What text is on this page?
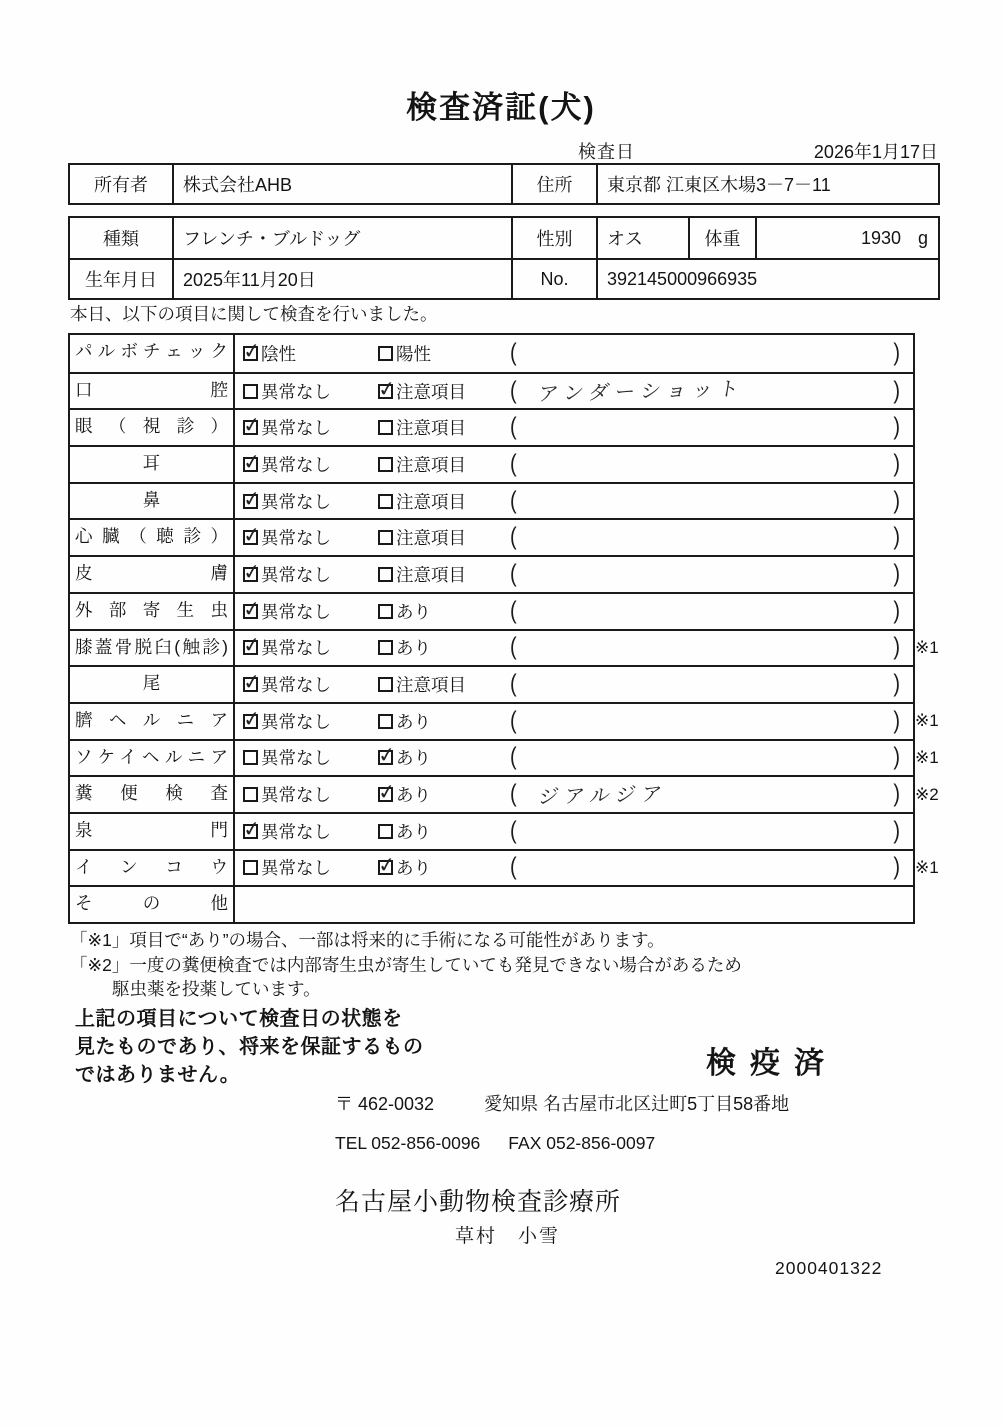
検査済証(犬)
検査日	2026年1月17日
所有者	株式会社AHB	住所	東京都 江東区木場3－7－11
種類	フレンチ・ブルドッグ	性別	オス	体重	1930 g
生年月日	2025年11月20日	No.	392145000966935
本日、以下の項目に関して検査を行いました。
パルボチェック ✓	陰性	陽性	(	)
口腔	異常なし ✓	注意項目 ( アンダーショット	)
眼（視診） ✓	異常なし	注意項目 (	)
耳 ✓	異常なし	注意項目 (	)
鼻 ✓	異常なし	注意項目 (	)
心臓（聴診） ✓	異常なし	注意項目 (	)
皮膚 ✓	異常なし	注意項目 (	)
外部寄生虫 ✓	異常なし	あり	(	)
膝蓋骨脱臼(触診) ✓	異常なし	あり	(	) ※1
尾 ✓	異常なし	注意項目 (	)
臍ヘルニア ✓	異常なし	あり	(	) ※1
ソケイヘルニア	異常なし ✓	あり	(	) ※1
糞便検査	異常なし ✓	あり	( ジアルジア	) ※2
泉門 ✓	異常なし	あり	(	)
インコウ	異常なし ✓	あり	(	) ※1
その他
「※1」項目で“あり”の場合、一部は将来的に手術になる可能性があります。
「※2」一度の糞便検査では内部寄生虫が寄生していても発見できない場合があるため
駆虫薬を投薬しています。
上記の項目について検査日の状態を
見たものであり、将来を保証するもの
ではありません。	検疫済
〒 462-0032	愛知県 名古屋市北区辻町5丁目58番地
TEL 052-856-0096 FAX 052-856-0097
名古屋小動物検査診療所
草村　小雪
2000401322
